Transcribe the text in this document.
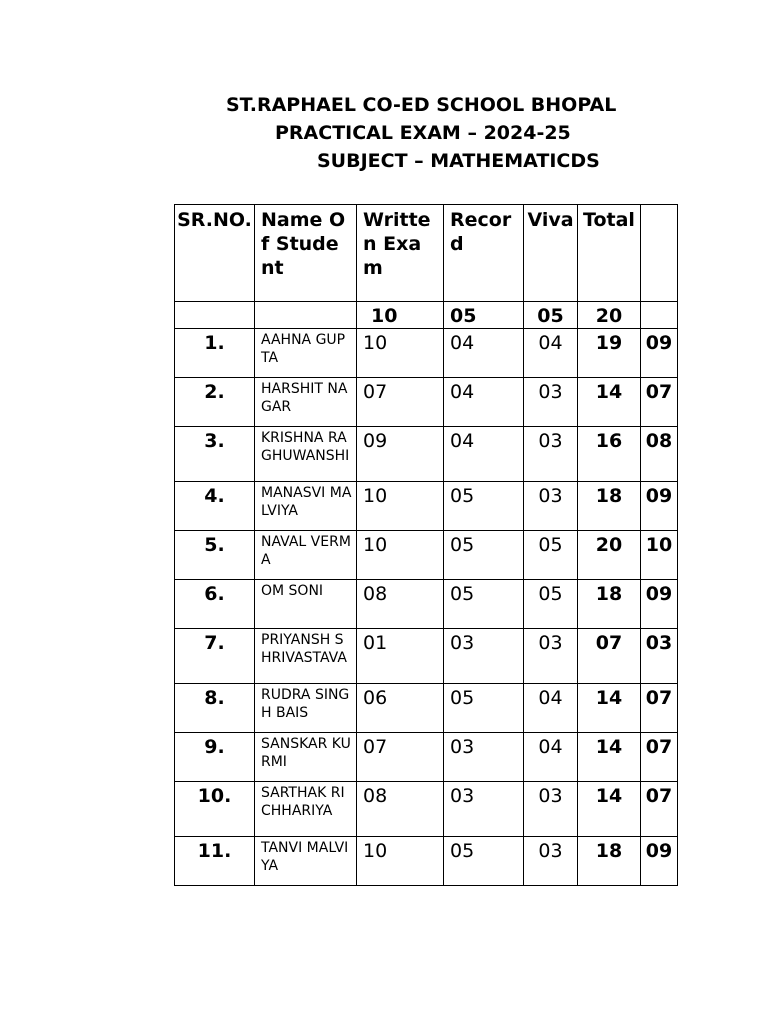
ST.RAPHAEL CO-ED SCHOOL BHOPAL
PRACTICAL EXAM – 2024-25
SUBJECT – MATHEMATICDS
SR.NO.	Name Of Student	Written Exam	Record	Viva	Total	
		10	05	05	20	
1.	AAHNA GUPTA	10	04	04	19	09
2.	HARSHIT NAGAR	07	04	03	14	07
3.	KRISHNA RAGHUWANSHI	09	04	03	16	08
4.	MANASVI MALVIYA	10	05	03	18	09
5.	NAVAL VERMA	10	05	05	20	10
6.	OM SONI	08	05	05	18	09
7.	PRIYANSH SHRIVASTAVA	01	03	03	07	03
8.	RUDRA SINGH BAIS	06	05	04	14	07
9.	SANSKAR KURMI	07	03	04	14	07
10.	SARTHAK RICHHARIYA	08	03	03	14	07
11.	TANVI MALVIYA	10	05	03	18	09
